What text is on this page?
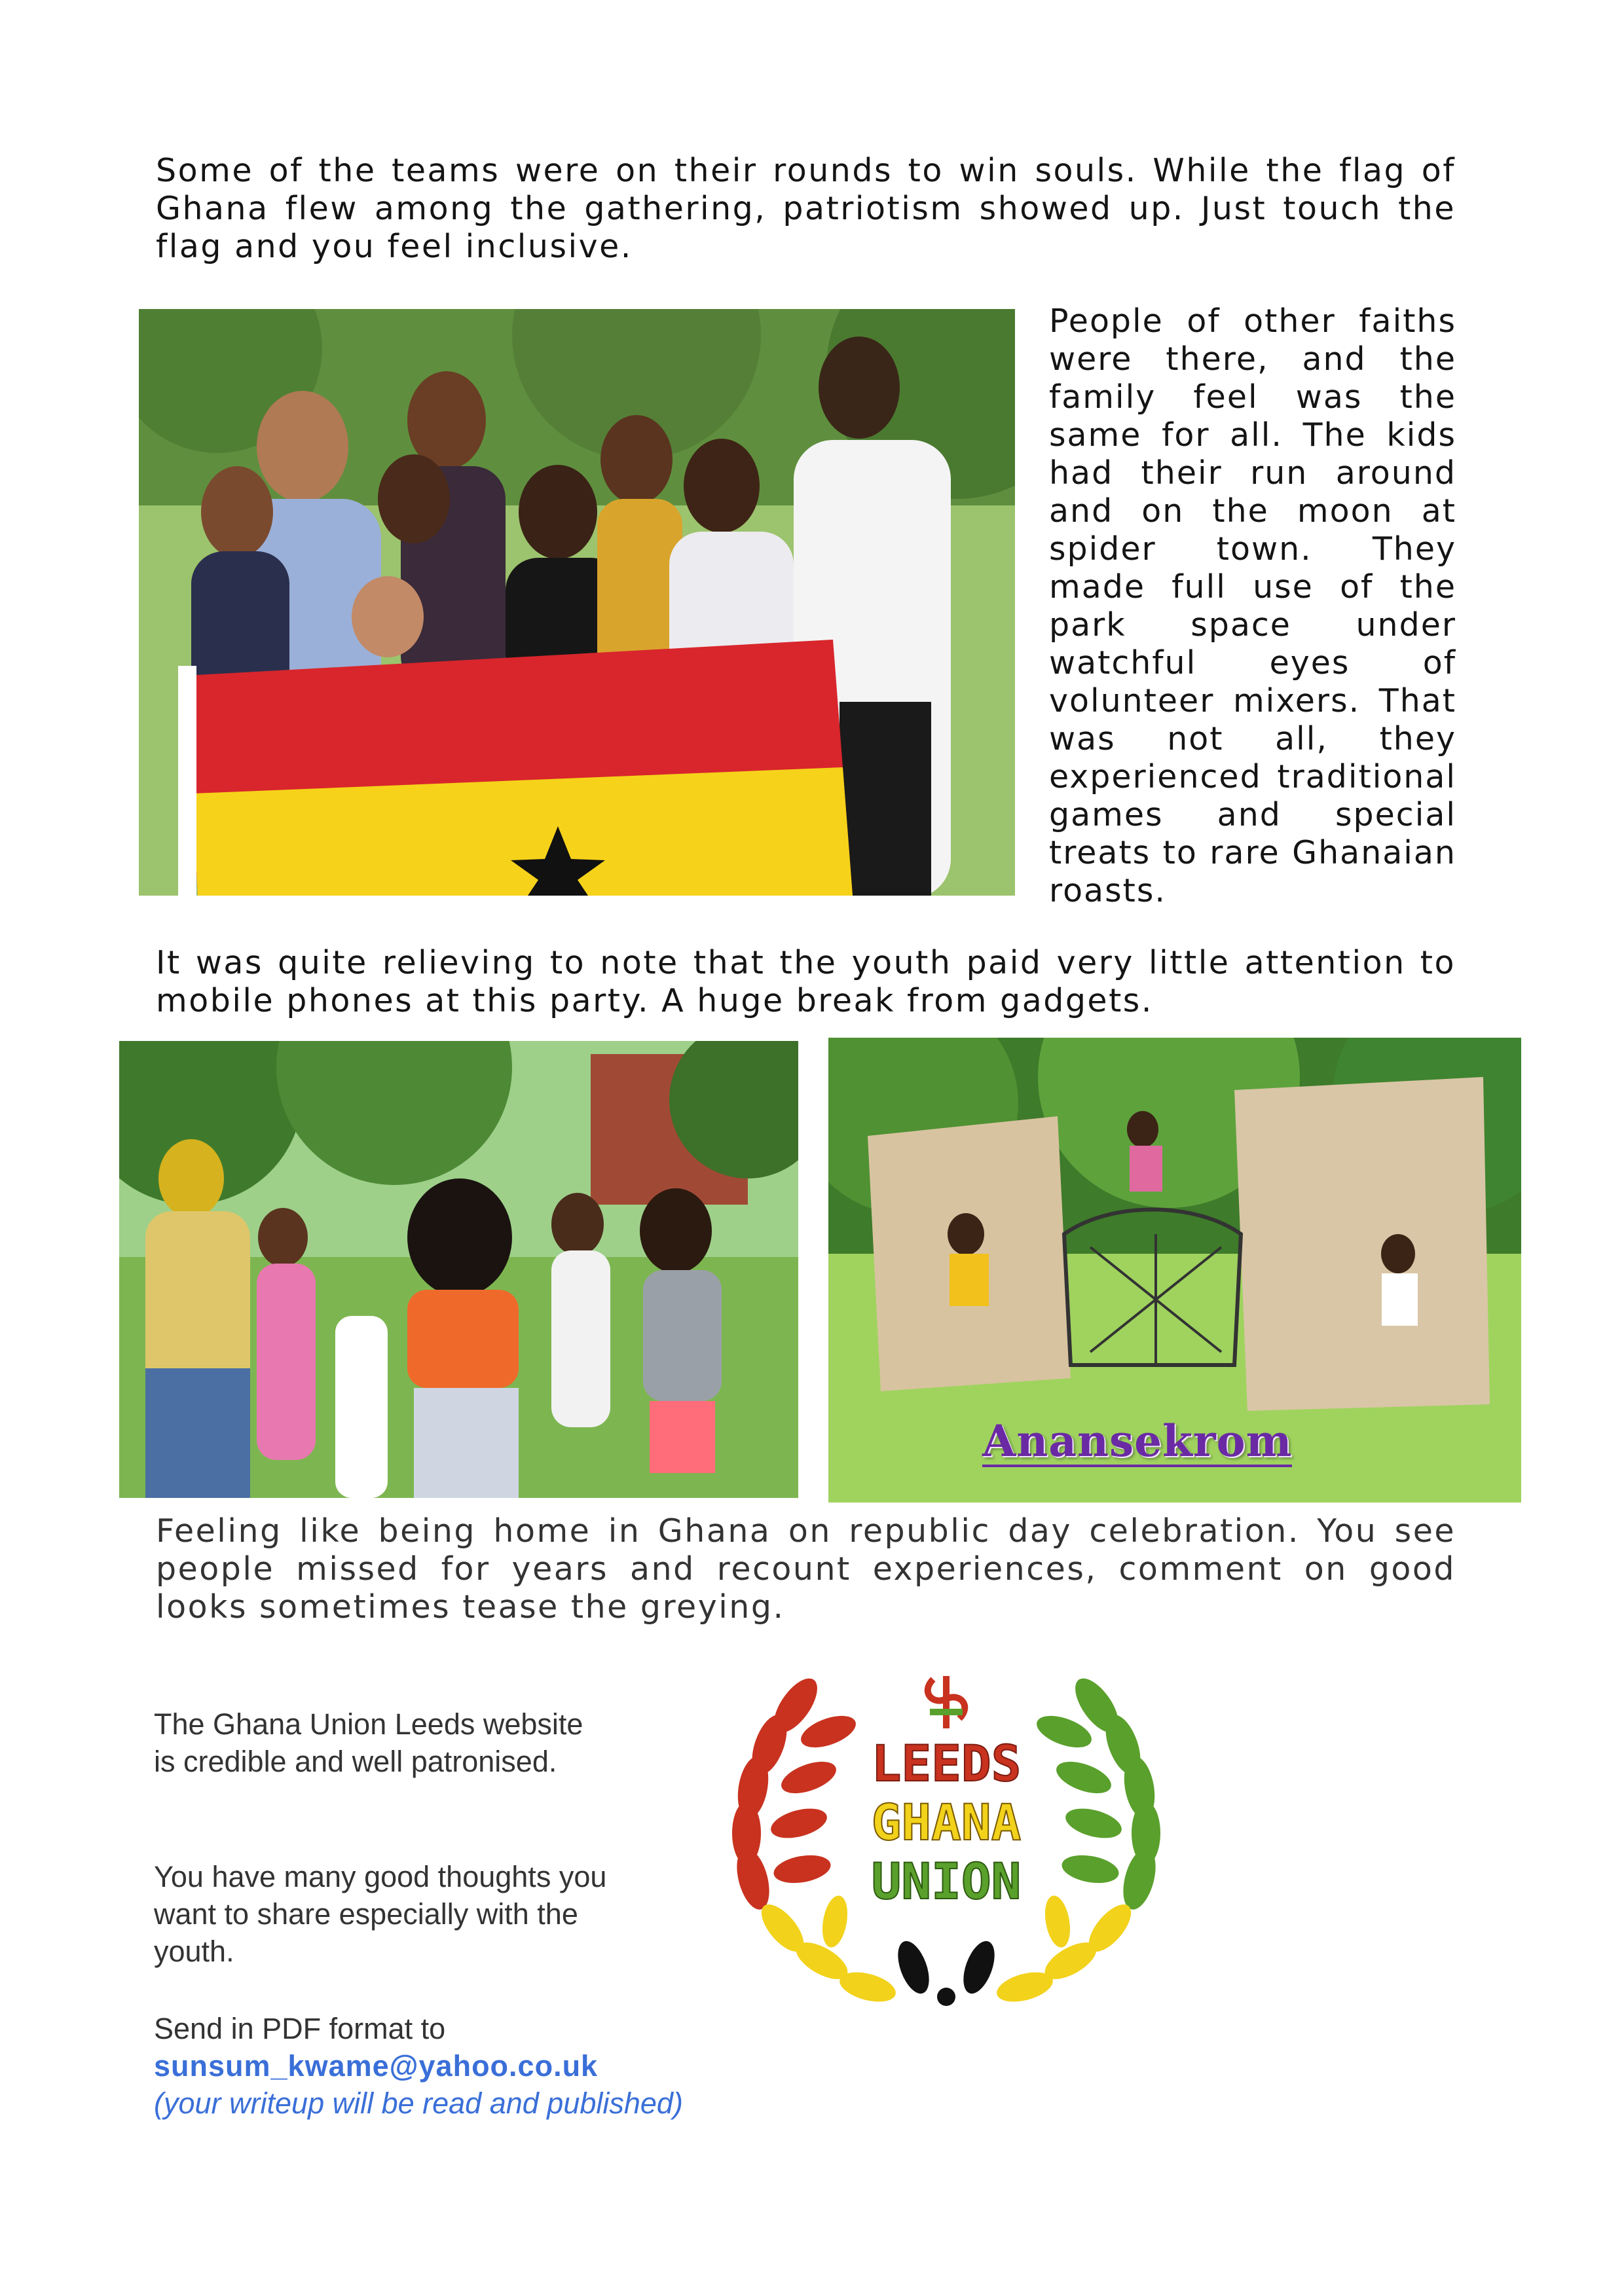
Some of the teams were on their rounds to win souls. While the flag of Ghana flew among the gathering, patriotism showed up. Just touch the flag and you feel inclusive.
People of other faiths were there, and the family feel was the same for all. The kids had their run around and on the moon at spider town. They made full use of the park space under watchful eyes of volunteer mixers. That was not all, they experienced traditional games and special treats to rare Ghanaian roasts.
It was quite relieving to note that the youth paid very little attention to mobile phones at this party. A huge break from gadgets.
Anansekrom
Feeling like being home in Ghana on republic day celebration. You see people missed for years and recount experiences, comment on good looks sometimes tease the greying.
The Ghana Union Leeds website is credible and well patronised.
You have many good thoughts you want to share especially with the youth.
Send in PDF format to
sunsum_kwame@yahoo.co.uk
(your writeup will be read and published)
LEEDS
GHANA
UNION
